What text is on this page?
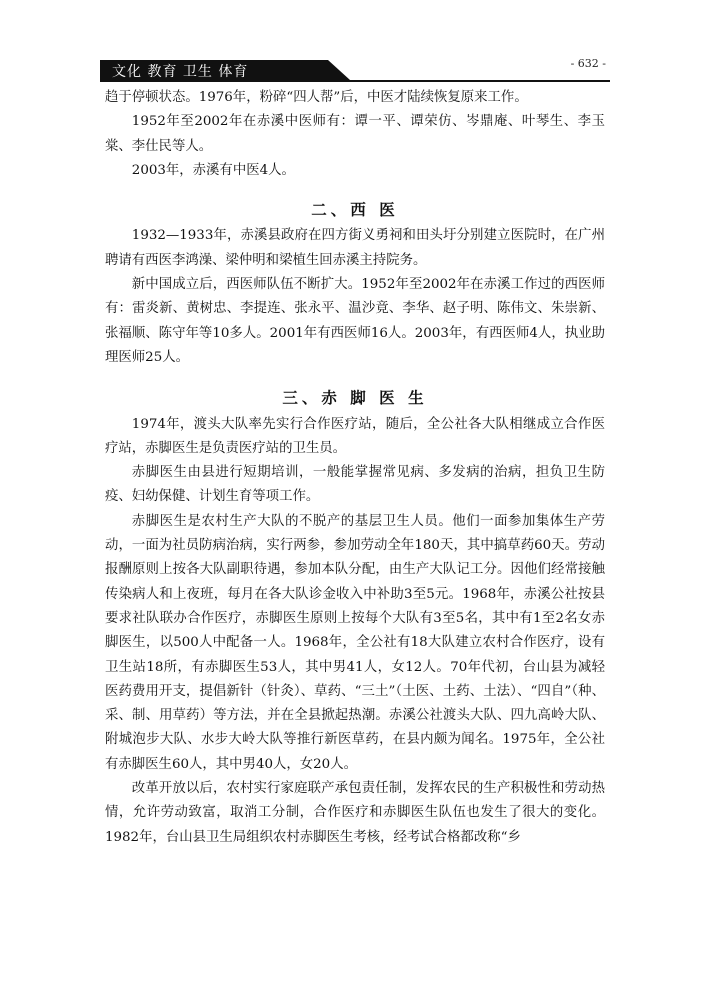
文化 教育 卫生 体育
- 632 -

趋于停顿状态。1976年，粉碎“四人帮”后，中医才陆续恢复原来工作。

1952年至2002年在赤溪中医师有：谭一平、谭荣仿、岑鼎庵、叶琴生、李玉棠、李仕民等人。

2003年，赤溪有中医4人。

二、西 医

1932—1933年，赤溪县政府在四方街义勇祠和田头圩分别建立医院时，在广州聘请有西医李鸿澡、梁仲明和梁植生回赤溪主持院务。

新中国成立后，西医师队伍不断扩大。1952年至2002年在赤溪工作过的西医师有：雷炎新、黄树忠、李提连、张永平、温沙竟、李华、赵子明、陈伟文、朱崇新、张福顺、陈守年等10多人。2001年有西医师16人。2003年，有西医师4人，执业助理医师25人。

三、赤 脚 医 生

1974年，渡头大队率先实行合作医疗站，随后，全公社各大队相继成立合作医疗站，赤脚医生是负责医疗站的卫生员。

赤脚医生由县进行短期培训，一般能掌握常见病、多发病的治病，担负卫生防疫、妇幼保健、计划生育等项工作。

赤脚医生是农村生产大队的不脱产的基层卫生人员。他们一面参加集体生产劳动，一面为社员防病治病，实行两参，参加劳动全年180天，其中搞草药60天。劳动报酬原则上按各大队副职待遇，参加本队分配，由生产大队记工分。因他们经常接触传染病人和上夜班，每月在各大队诊金收入中补助3至5元。1968年，赤溪公社按县要求社队联办合作医疗，赤脚医生原则上按每个大队有3至5名，其中有1至2名女赤脚医生，以500人中配备一人。1968年，全公社有18大队建立农村合作医疗，设有卫生站18所，有赤脚医生53人，其中男41人，女12人。70年代初，台山县为减轻医药费用开支，提倡新针（针灸）、草药、“三土”（土医、土药、土法）、“四自”（种、采、制、用草药）等方法，并在全县掀起热潮。赤溪公社渡头大队、四九高岭大队、附城泡步大队、水步大岭大队等推行新医草药，在县内颇为闻名。1975年，全公社有赤脚医生60人，其中男40人，女20人。

改革开放以后，农村实行家庭联产承包责任制，发挥农民的生产积极性和劳动热情，允许劳动致富，取消工分制，合作医疗和赤脚医生队伍也发生了很大的变化。1982年，台山县卫生局组织农村赤脚医生考核，经考试合格都改称“乡
